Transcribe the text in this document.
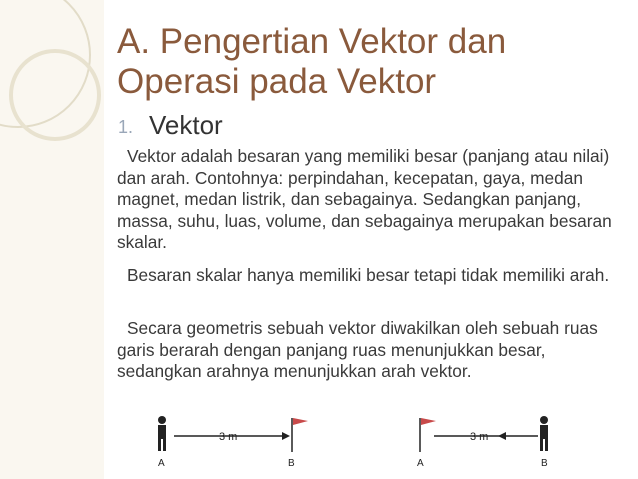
A. Pengertian Vektor dan
Operasi pada Vektor
1. Vektor

Vektor adalah besaran yang memiliki besar (panjang atau nilai) dan arah. Contohnya: perpindahan, kecepatan, gaya, medan magnet, medan listrik, dan sebagainya. Sedangkan panjang, massa, suhu, luas, volume, dan sebagainya merupakan besaran skalar.

Besaran skalar hanya memiliki besar tetapi tidak memiliki arah.

Secara geometris sebuah vektor diwakilkan oleh sebuah ruas garis berarah dengan panjang ruas menunjukkan besar, sedangkan arahnya menunjukkan arah vektor.

3 m
A	B
3 m
A	B
